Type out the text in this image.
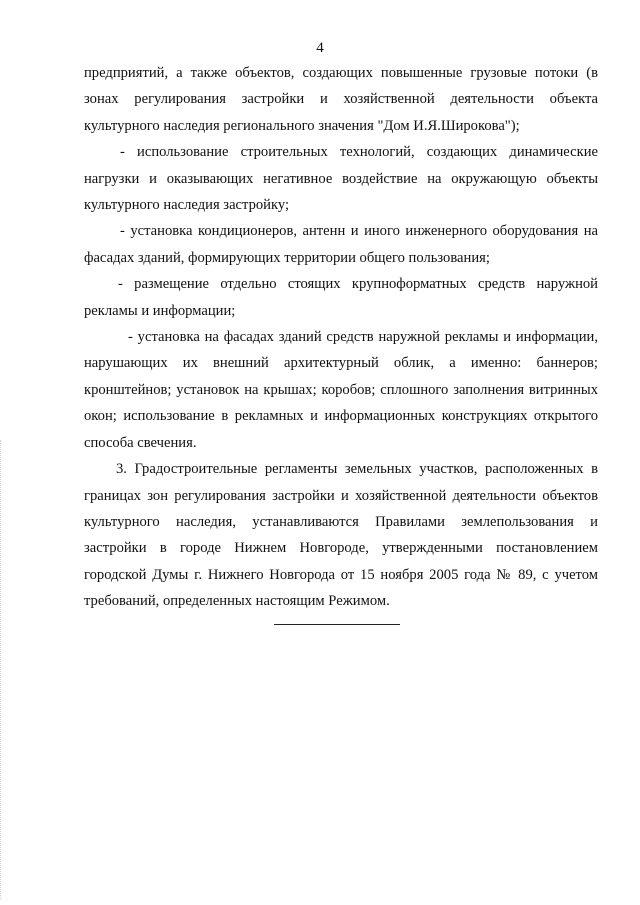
4

предприятий, а также объектов, создающих повышенные грузовые потоки (в зонах регулирования застройки и хозяйственной деятельности объекта культурного наследия регионального значения "Дом И.Я.Широкова");

- использование строительных технологий, создающих динамические нагрузки и оказывающих негативное воздействие на окружающую объекты культурного наследия застройку;

- установка кондиционеров, антенн и иного инженерного оборудования на фасадах зданий, формирующих территории общего пользования;

- размещение отдельно стоящих крупноформатных средств наружной рекламы и информации;

- установка на фасадах зданий средств наружной рекламы и информации, нарушающих их внешний архитектурный облик, а именно: баннеров; кронштейнов; установок на крышах; коробов; сплошного заполнения витринных окон; использование в рекламных и информационных конструкциях открытого способа свечения.

3. Градостроительные регламенты земельных участков, расположенных в границах зон регулирования застройки и хозяйственной деятельности объектов культурного наследия, устанавливаются Правилами землепользования и застройки в городе Нижнем Новгороде, утвержденными постановлением городской Думы г. Нижнего Новгорода от 15 ноября 2005 года № 89, с учетом требований, определенных настоящим Режимом.
